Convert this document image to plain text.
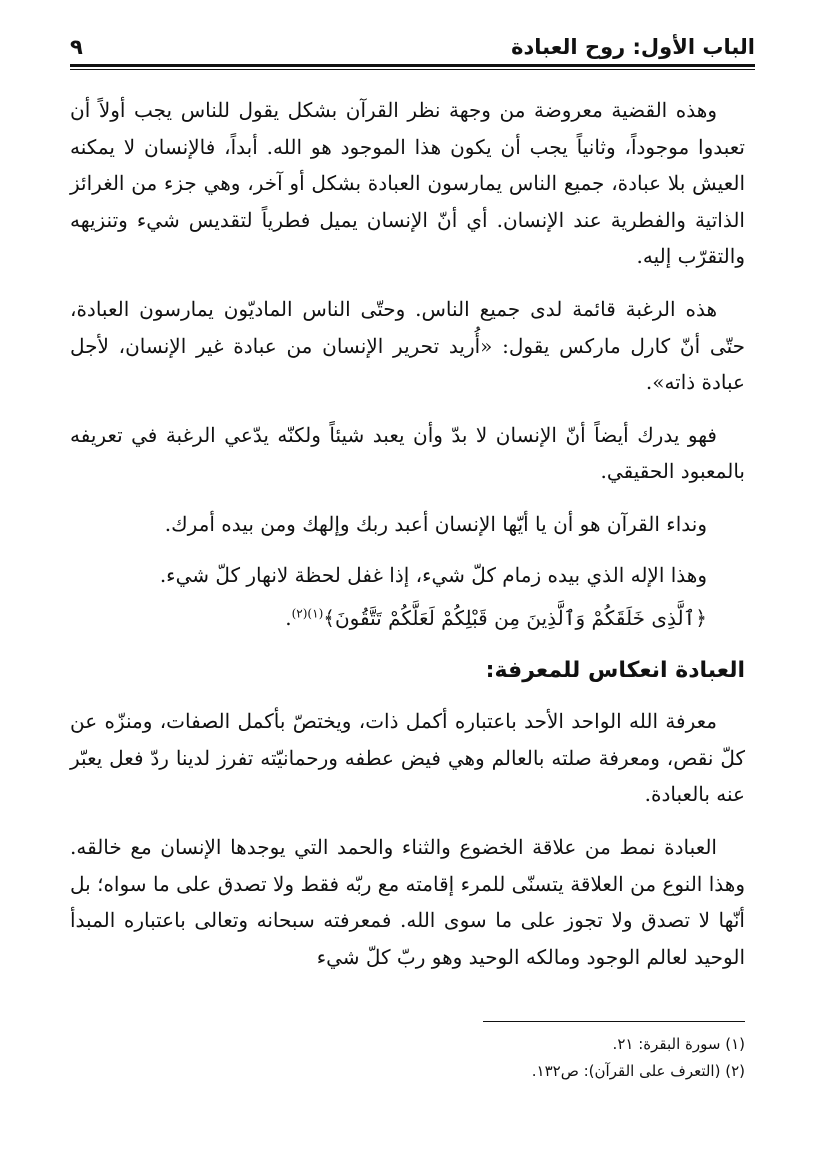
الباب الأول: روح العبادة
٩

وهذه القضية معروضة من وجهة نظر القرآن بشكل يقول للناس يجب أولاً أن تعبدوا موجوداً، وثانياً يجب أن يكون هذا الموجود هو الله. أبداً، فالإنسان لا يمكنه العيش بلا عبادة، جميع الناس يمارسون العبادة بشكل أو آخر، وهي جزء من الغرائز الذاتية والفطرية عند الإنسان. أي أنّ الإنسان يميل فطرياً لتقديس شيء وتنزيهه والتقرّب إليه.

هذه الرغبة قائمة لدى جميع الناس. وحتّى الناس الماديّون يمارسون العبادة، حتّى أنّ كارل ماركس يقول: «أُريد تحرير الإنسان من عبادة غير الإنسان، لأجل عبادة ذاته».

فهو يدرك أيضاً أنّ الإنسان لا بدّ وأن يعبد شيئاً ولكنّه يدّعي الرغبة في تعريفه بالمعبود الحقيقي.

ونداء القرآن هو أن يا أيّها الإنسان أعبد ربك وإلهك ومن بيده أمرك.

وهذا الإله الذي بيده زمام كلّ شيء، إذا غفل لحظة لانهار كلّ شيء.

﴿ٱلَّذِى خَلَقَكُمْ وَٱلَّذِينَ مِن قَبْلِكُمْ لَعَلَّكُمْ تَتَّقُونَ﴾$^{(١)(٢)}$.

العبادة انعكاس للمعرفة:

معرفة الله الواحد الأحد باعتباره أكمل ذات، ويختصّ بأكمل الصفات، ومنزّه عن كلّ نقص، ومعرفة صلته بالعالم وهي فيض عطفه ورحمانيّته تفرز لدينا ردّ فعل يعبّر عنه بالعبادة.

العبادة نمط من علاقة الخضوع والثناء والحمد التي يوجدها الإنسان مع خالقه. وهذا النوع من العلاقة يتسنّى للمرء إقامته مع ربّه فقط ولا تصدق على ما سواه؛ بل أنّها لا تصدق ولا تجوز على ما سوى الله. فمعرفته سبحانه وتعالى باعتباره المبدأ الوحيد لعالم الوجود ومالكه الوحيد وهو ربّ كلّ شيء

(١) سورة البقرة: ٢١.
(٢) (التعرف على القرآن): ص١٣٢.
